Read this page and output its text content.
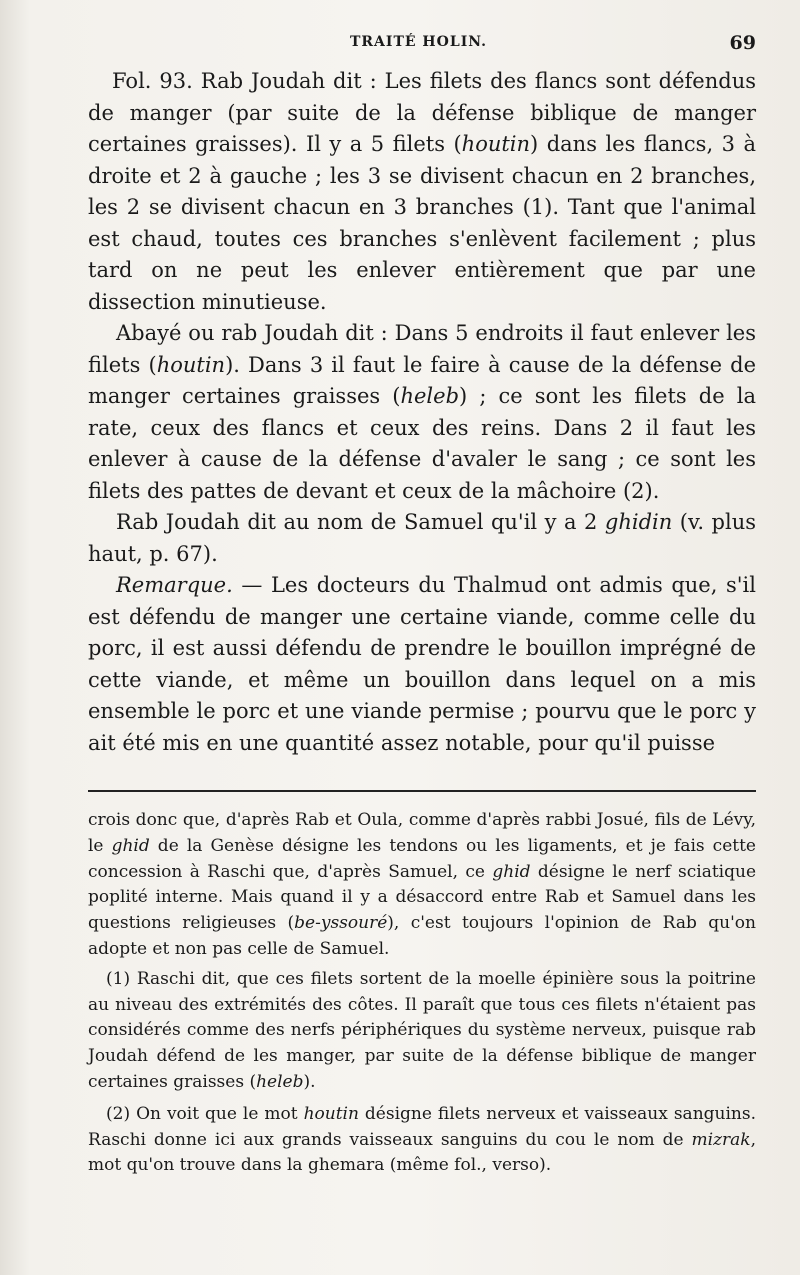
TRAITÉ HOLIN.	69

Fol. 93. Rab Joudah dit : Les filets des flancs sont défendus de manger (par suite de la défense biblique de manger certaines graisses). Il y a 5 filets (houtin) dans les flancs, 3 à droite et 2 à gauche ; les 3 se divisent chacun en 2 branches, les 2 se divisent chacun en 3 branches (1). Tant que l'animal est chaud, toutes ces branches s'enlèvent facilement ; plus tard on ne peut les enlever entièrement que par une dissection minutieuse.

Abayé ou rab Joudah dit : Dans 5 endroits il faut enlever les filets (houtin). Dans 3 il faut le faire à cause de la défense de manger certaines graisses (heleb) ; ce sont les filets de la rate, ceux des flancs et ceux des reins. Dans 2 il faut les enlever à cause de la défense d'avaler le sang ; ce sont les filets des pattes de devant et ceux de la mâchoire (2).

Rab Joudah dit au nom de Samuel qu'il y a 2 ghidin (v. plus haut, p. 67).

Remarque. — Les docteurs du Thalmud ont admis que, s'il est défendu de manger une certaine viande, comme celle du porc, il est aussi défendu de prendre le bouillon imprégné de cette viande, et même un bouillon dans lequel on a mis ensemble le porc et une viande permise ; pourvu que le porc y ait été mis en une quantité assez notable, pour qu'il puisse

crois donc que, d'après Rab et Oula, comme d'après rabbi Josué, fils de Lévy, le ghid de la Genèse désigne les tendons ou les ligaments, et je fais cette concession à Raschi que, d'après Samuel, ce ghid désigne le nerf sciatique poplité interne. Mais quand il y a désaccord entre Rab et Samuel dans les questions religieuses (be-yssouré), c'est toujours l'opinion de Rab qu'on adopte et non pas celle de Samuel.

(1) Raschi dit, que ces filets sortent de la moelle épinière sous la poitrine au niveau des extrémités des côtes. Il paraît que tous ces filets n'étaient pas considérés comme des nerfs périphériques du système nerveux, puisque rab Joudah défend de les manger, par suite de la défense biblique de manger certaines graisses (heleb).

(2) On voit que le mot houtin désigne filets nerveux et vaisseaux sanguins. Raschi donne ici aux grands vaisseaux sanguins du cou le nom de mizrak, mot qu'on trouve dans la ghemara (même fol., verso).
